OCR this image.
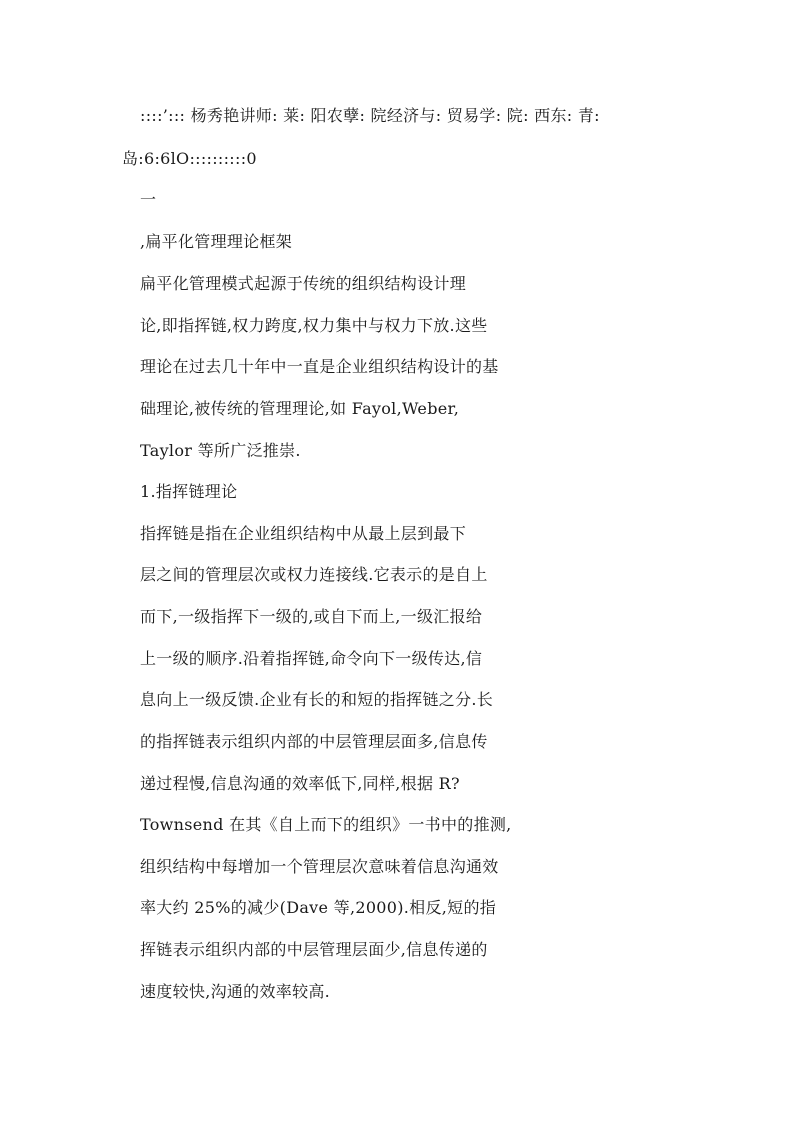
::::’::: 杨秀艳讲师: 莱: 阳农孽: 院经济与: 贸易学: 院: 西东: 青:
岛:6:6lO::::::::::0
一
,扁平化管理理论框架
扁平化管理模式起源于传统的组织结构设计理
论,即指挥链,权力跨度,权力集中与权力下放.这些
理论在过去几十年中一直是企业组织结构设计的基
础理论,被传统的管理理论,如 Fayol,Weber,
Taylor 等所广泛推崇.
1.指挥链理论
指挥链是指在企业组织结构中从最上层到最下
层之间的管理层次或权力连接线.它表示的是自上
而下,一级指挥下一级的,或自下而上,一级汇报给
上一级的顺序.沿着指挥链,命令向下一级传达,信
息向上一级反馈.企业有长的和短的指挥链之分.长
的指挥链表示组织内部的中层管理层面多,信息传
递过程慢,信息沟通的效率低下,同样,根据 R?
Townsend 在其《自上而下的组织》一书中的推测,
组织结构中每增加一个管理层次意味着信息沟通效
率大约 25%的减少(Dave 等,2000).相反,短的指
挥链表示组织内部的中层管理层面少,信息传递的
速度较快,沟通的效率较高.
